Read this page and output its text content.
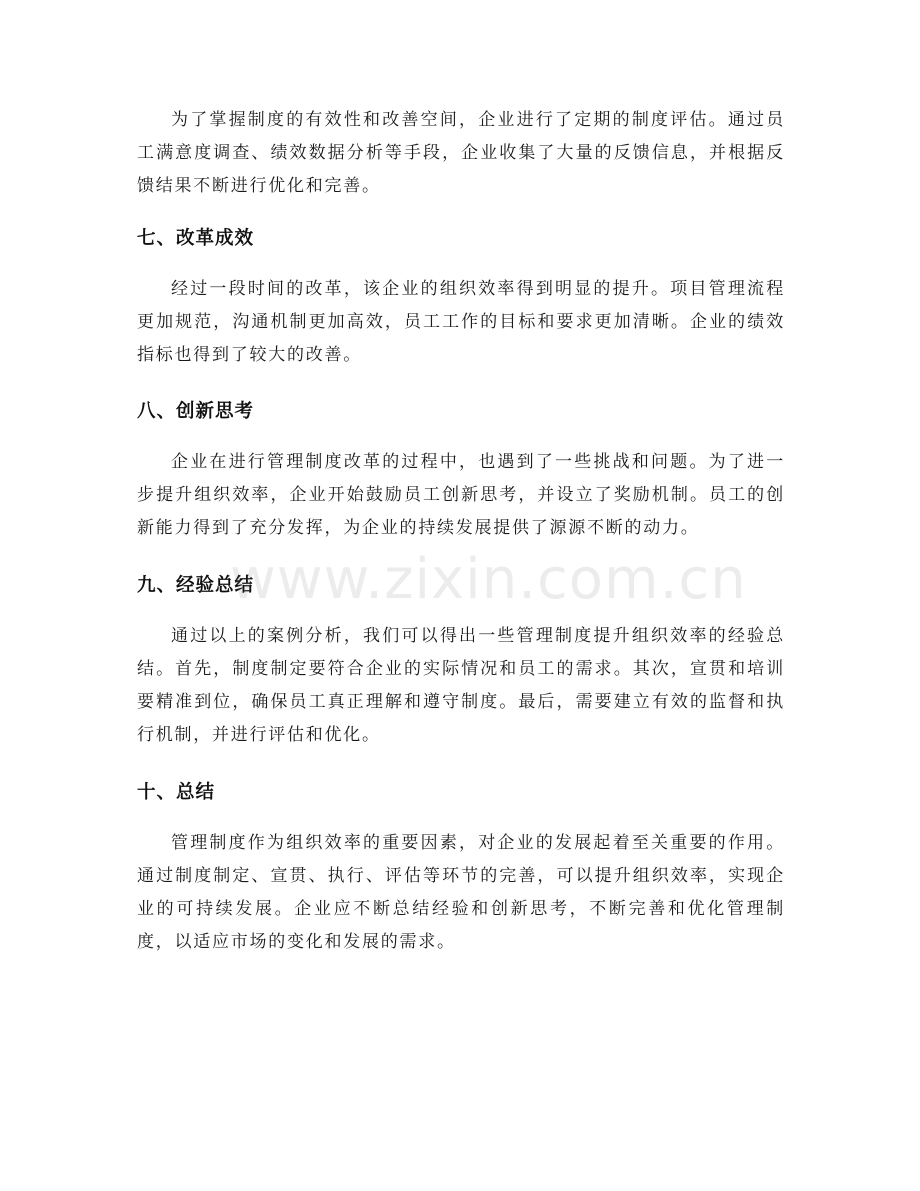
为了掌握制度的有效性和改善空间，企业进行了定期的制度评估。通过员工满意度调查、绩效数据分析等手段，企业收集了大量的反馈信息，并根据反馈结果不断进行优化和完善。

七、改革成效

经过一段时间的改革，该企业的组织效率得到明显的提升。项目管理流程更加规范，沟通机制更加高效，员工工作的目标和要求更加清晰。企业的绩效指标也得到了较大的改善。

八、创新思考

企业在进行管理制度改革的过程中，也遇到了一些挑战和问题。为了进一步提升组织效率，企业开始鼓励员工创新思考，并设立了奖励机制。员工的创新能力得到了充分发挥，为企业的持续发展提供了源源不断的动力。

九、经验总结

通过以上的案例分析，我们可以得出一些管理制度提升组织效率的经验总结。首先，制度制定要符合企业的实际情况和员工的需求。其次，宣贯和培训要精准到位，确保员工真正理解和遵守制度。最后，需要建立有效的监督和执行机制，并进行评估和优化。

十、总结

管理制度作为组织效率的重要因素，对企业的发展起着至关重要的作用。通过制度制定、宣贯、执行、评估等环节的完善，可以提升组织效率，实现企业的可持续发展。企业应不断总结经验和创新思考，不断完善和优化管理制度，以适应市场的变化和发展的需求。

www.zixin.com.cn
